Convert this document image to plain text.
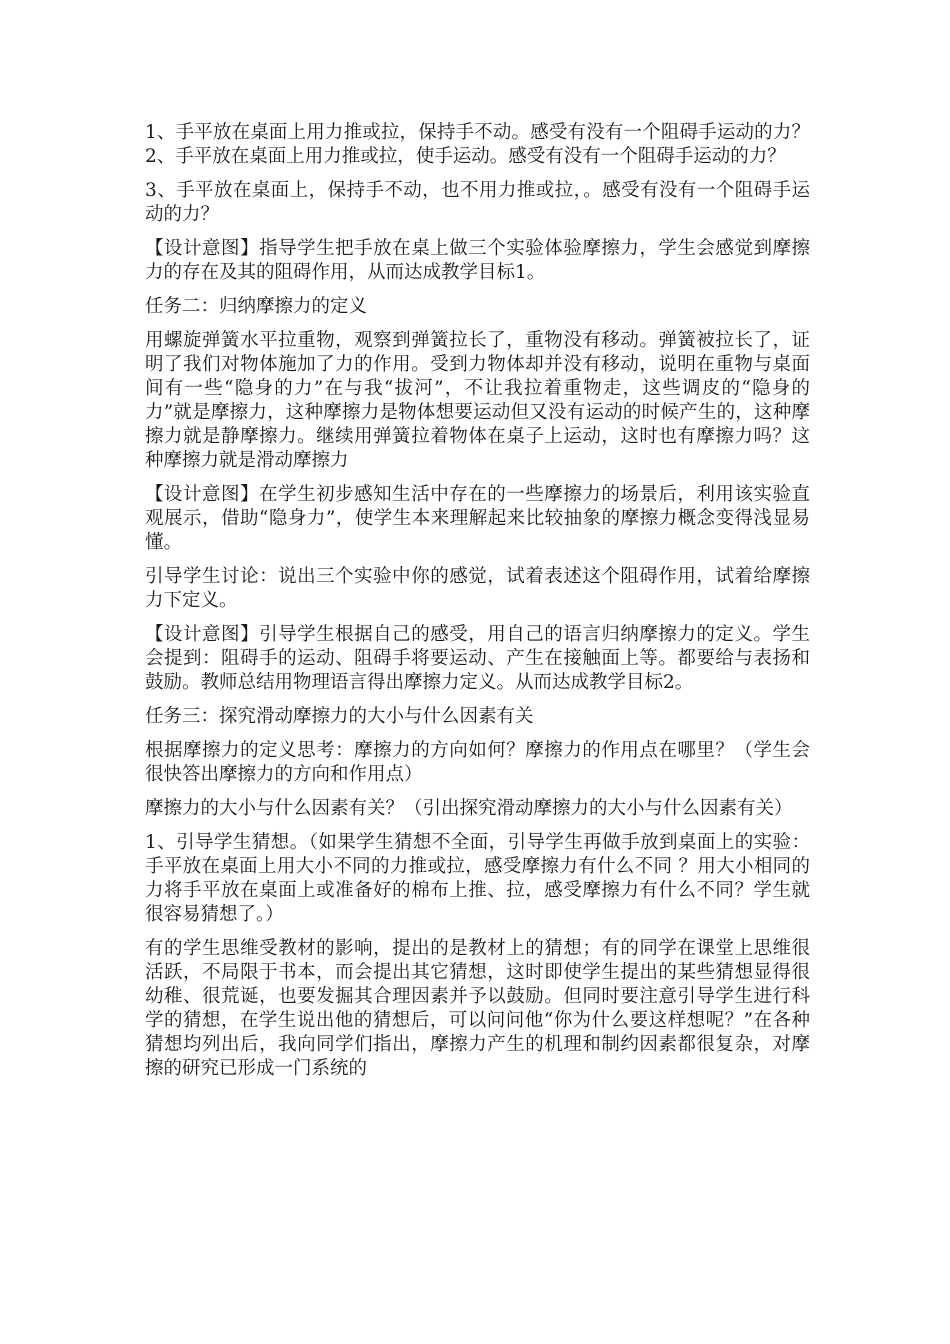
1、手平放在桌面上用力推或拉，保持手不动。感受有没有一个阻碍手运动的力？2、手平放在桌面上用力推或拉，使手运动。感受有没有一个阻碍手运动的力？

3、手平放在桌面上，保持手不动，也不用力推或拉，。感受有没有一个阻碍手运动的力？

【设计意图】指导学生把手放在桌上做三个实验体验摩擦力，学生会感觉到摩擦力的存在及其的阻碍作用，从而达成教学目标1。

任务二：归纳摩擦力的定义

用螺旋弹簧水平拉重物，观察到弹簧拉长了，重物没有移动。弹簧被拉长了，证明了我们对物体施加了力的作用。受到力物体却并没有移动，说明在重物与桌面间有一些“隐身的力”在与我“拔河”，不让我拉着重物走，这些调皮的“隐身的力”就是摩擦力，这种摩擦力是物体想要运动但又没有运动的时候产生的，这种摩擦力就是静摩擦力。继续用弹簧拉着物体在桌子上运动，这时也有摩擦力吗？这种摩擦力就是滑动摩擦力

【设计意图】在学生初步感知生活中存在的一些摩擦力的场景后，利用该实验直观展示，借助“隐身力”，使学生本来理解起来比较抽象的摩擦力概念变得浅显易懂。

引导学生讨论：说出三个实验中你的感觉，试着表述这个阻碍作用，试着给摩擦力下定义。

【设计意图】引导学生根据自己的感受，用自己的语言归纳摩擦力的定义。学生会提到：阻碍手的运动、阻碍手将要运动、产生在接触面上等。都要给与表扬和鼓励。教师总结用物理语言得出摩擦力定义。从而达成教学目标2。

任务三：探究滑动摩擦力的大小与什么因素有关

根据摩擦力的定义思考：摩擦力的方向如何？摩擦力的作用点在哪里？（学生会很快答出摩擦力的方向和作用点）

摩擦力的大小与什么因素有关？（引出探究滑动摩擦力的大小与什么因素有关）

1、引导学生猜想。（如果学生猜想不全面，引导学生再做手放到桌面上的实验：手平放在桌面上用大小不同的力推或拉，感受摩擦力有什么不同 ？用大小相同的力将手平放在桌面上或准备好的棉布上推、拉，感受摩擦力有什么不同？学生就很容易猜想了。）

有的学生思维受教材的影响，提出的是教材上的猜想；有的同学在课堂上思维很活跃，不局限于书本，而会提出其它猜想，这时即使学生提出的某些猜想显得很幼稚、很荒诞，也要发掘其合理因素并予以鼓励。但同时要注意引导学生进行科学的猜想，在学生说出他的猜想后，可以问问他“你为什么要这样想呢？”在各种猜想均列出后，我向同学们指出，摩擦力产生的机理和制约因素都很复杂，对摩擦的研究已形成一门系统的
